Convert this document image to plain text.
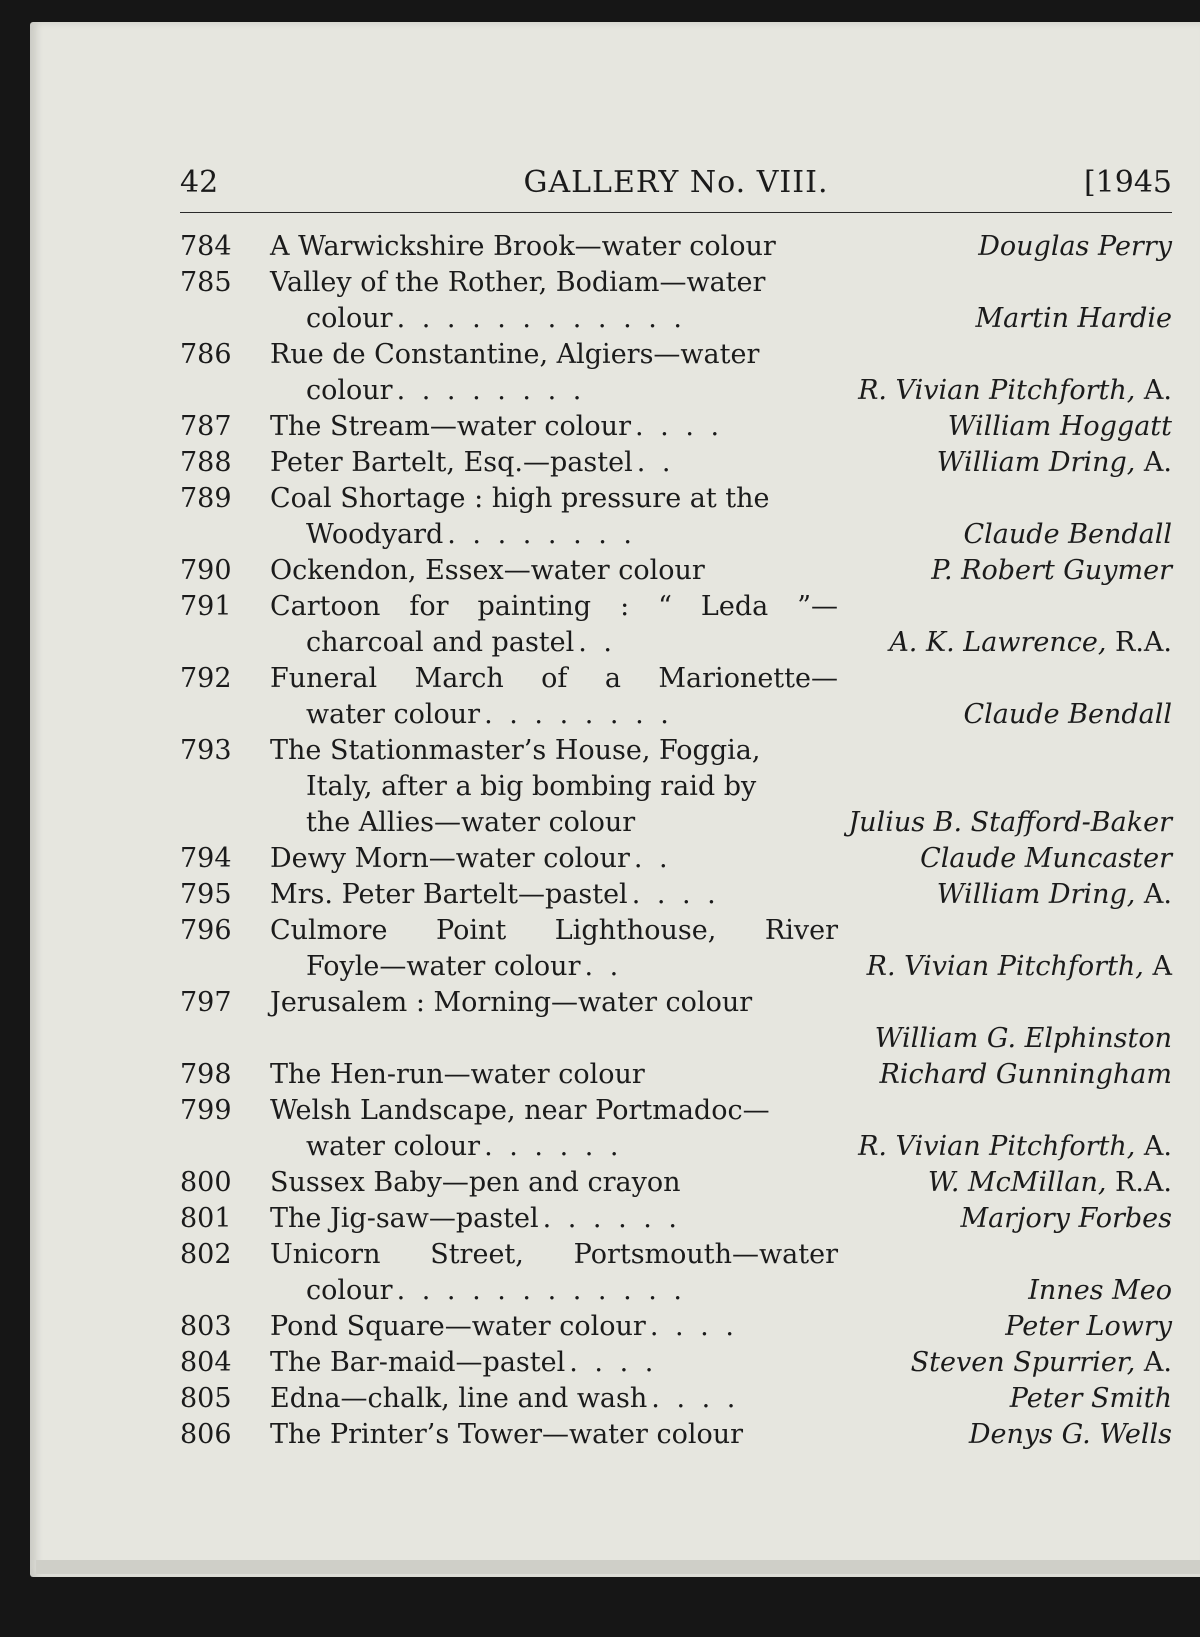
42	GALLERY No. VIII.	[1945
784	A Warwickshire Brook—water colour	Douglas Perry
785	Valley of the Rother, Bodiam—water
colour . . . . . . . . . . . .	Martin Hardie
786	Rue de Constantine, Algiers—water
colour . . . . . . . .	R. Vivian Pitchforth, A.
787	The Stream—water colour . . . .	William Hoggatt
788	Peter Bartelt, Esq.—pastel . .	William Dring, A.
789	Coal Shortage : high pressure at the
Woodyard . . . . . . . .	Claude Bendall
790	Ockendon, Essex—water colour	P. Robert Guymer
791	Cartoon for painting : “ Leda ”—
charcoal and pastel . .	A. K. Lawrence, R.A.
792	Funeral March of a Marionette—
water colour . . . . . . . .	Claude Bendall
793	The Stationmaster’s House, Foggia,
Italy, after a big bombing raid by
the Allies—water colour	Julius B. Stafford-Baker
794	Dewy Morn—water colour . .	Claude Muncaster
795	Mrs. Peter Bartelt—pastel . . . .	William Dring, A.
796	Culmore Point Lighthouse, River
Foyle—water colour . .	R. Vivian Pitchforth, A
797	Jerusalem : Morning—water colour
William G. Elphinston
798	The Hen-run—water colour	Richard Gunningham
799	Welsh Landscape, near Portmadoc—
water colour . . . . . .	R. Vivian Pitchforth, A.
800	Sussex Baby—pen and crayon	W. McMillan, R.A.
801	The Jig-saw—pastel . . . . . .	Marjory Forbes
802	Unicorn Street, Portsmouth—water
colour . . . . . . . . . . . .	Innes Meo
803	Pond Square—water colour . . . .	Peter Lowry
804	The Bar-maid—pastel . . . .	Steven Spurrier, A.
805	Edna—chalk, line and wash . . . .	Peter Smith
806	The Printer’s Tower—water colour	Denys G. Wells
